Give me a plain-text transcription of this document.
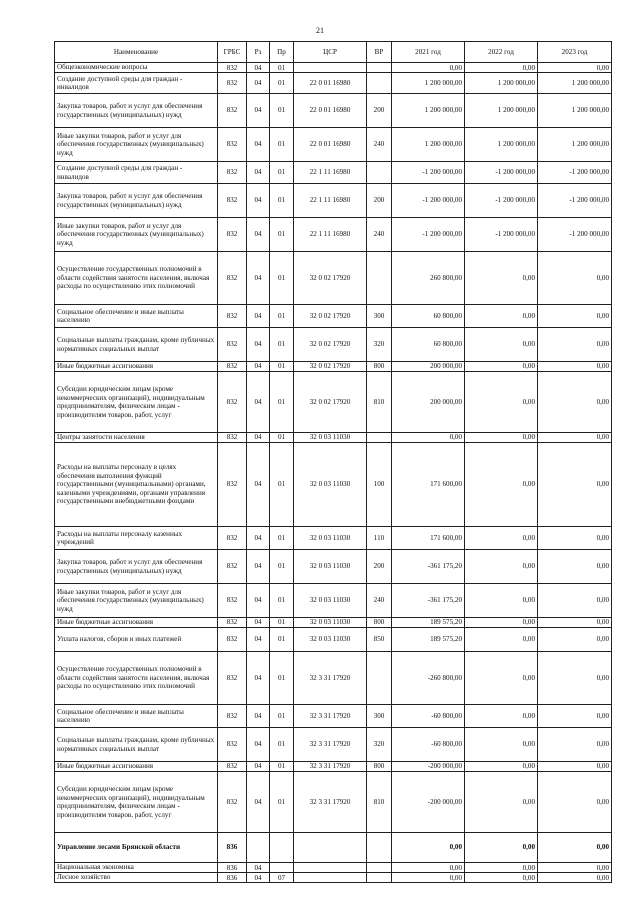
21
Наименование	ГРБС	Рз	Пр	ЦСР	ВР	2021 год	2022 год	2023 год
Общеэкономические вопросы	832	04	01			0,00	0,00	0,00
Создание доступной среды для граждан - инвалидов	832	04	01	22 0 01 16980		1 200 000,00	1 200 000,00	1 200 000,00
Закупка товаров, работ и услуг для обеспечения государственных (муниципальных) нужд	832	04	01	22 0 01 16980	200	1 200 000,00	1 200 000,00	1 200 000,00
Иные закупки товаров, работ и услуг для обеспечения государственных (муниципальных) нужд	832	04	01	22 0 01 16980	240	1 200 000,00	1 200 000,00	1 200 000,00
Создание доступной среды для граждан - инвалидов	832	04	01	22 1 11 16980		-1 200 000,00	-1 200 000,00	-1 200 000,00
Закупка товаров, работ и услуг для обеспечения государственных (муниципальных) нужд	832	04	01	22 1 11 16980	200	-1 200 000,00	-1 200 000,00	-1 200 000,00
Иные закупки товаров, работ и услуг для обеспечения государственных (муниципальных) нужд	832	04	01	22 1 11 16980	240	-1 200 000,00	-1 200 000,00	-1 200 000,00
Осуществление государственных полномочий в области содействия занятости населения, включая расходы по осуществлению этих полномочий	832	04	01	32 0 02 17920		260 800,00	0,00	0,00
Социальное обеспечение и иные выплаты населению	832	04	01	32 0 02 17920	300	60 800,00	0,00	0,00
Социальные выплаты гражданам, кроме публичных нормативных социальных выплат	832	04	01	32 0 02 17920	320	60 800,00	0,00	0,00
Иные бюджетные ассигнования	832	04	01	32 0 02 17920	800	200 000,00	0,00	0,00
Субсидии юридическим лицам (кроме некоммерческих организаций), индивидуальным предпринимателям, физическим лицам - производителям товаров, работ, услуг	832	04	01	32 0 02 17920	810	200 000,00	0,00	0,00
Центры занятости населения	832	04	01	32 0 03 11030		0,00	0,00	0,00
Расходы на выплаты персоналу в целях обеспечения выполнения функций государственными (муниципальными) органами, казенными учреждениями, органами управления государственными внебюджетными фондами	832	04	01	32 0 03 11030	100	171 600,00	0,00	0,00
Расходы на выплаты персоналу казенных учреждений	832	04	01	32 0 03 11030	110	171 600,00	0,00	0,00
Закупка товаров, работ и услуг для обеспечения государственных (муниципальных) нужд	832	04	01	32 0 03 11030	200	-361 175,20	0,00	0,00
Иные закупки товаров, работ и услуг для обеспечения государственных (муниципальных) нужд	832	04	01	32 0 03 11030	240	-361 175,20	0,00	0,00
Иные бюджетные ассигнования	832	04	01	32 0 03 11030	800	189 575,20	0,00	0,00
Уплата налогов, сборов и иных платежей	832	04	01	32 0 03 11030	850	189 575,20	0,00	0,00
Осуществление государственных полномочий в области содействия занятости населения, включая расходы по осуществлению этих полномочий	832	04	01	32 3 31 17920		-260 800,00	0,00	0,00
Социальное обеспечение и иные выплаты населению	832	04	01	32 3 31 17920	300	-60 800,00	0,00	0,00
Социальные выплаты гражданам, кроме публичных нормативных социальных выплат	832	04	01	32 3 31 17920	320	-60 800,00	0,00	0,00
Иные бюджетные ассигнования	832	04	01	32 3 31 17920	800	-200 000,00	0,00	0,00
Субсидии юридическим лицам (кроме некоммерческих организаций), индивидуальным предпринимателям, физическим лицам - производителям товаров, работ, услуг	832	04	01	32 3 31 17920	810	-200 000,00	0,00	0,00
Управление лесами Брянской области	836					0,00	0,00	0,00
Национальная экономика	836	04				0,00	0,00	0,00
Лесное хозяйство	836	04	07			0,00	0,00	0,00
